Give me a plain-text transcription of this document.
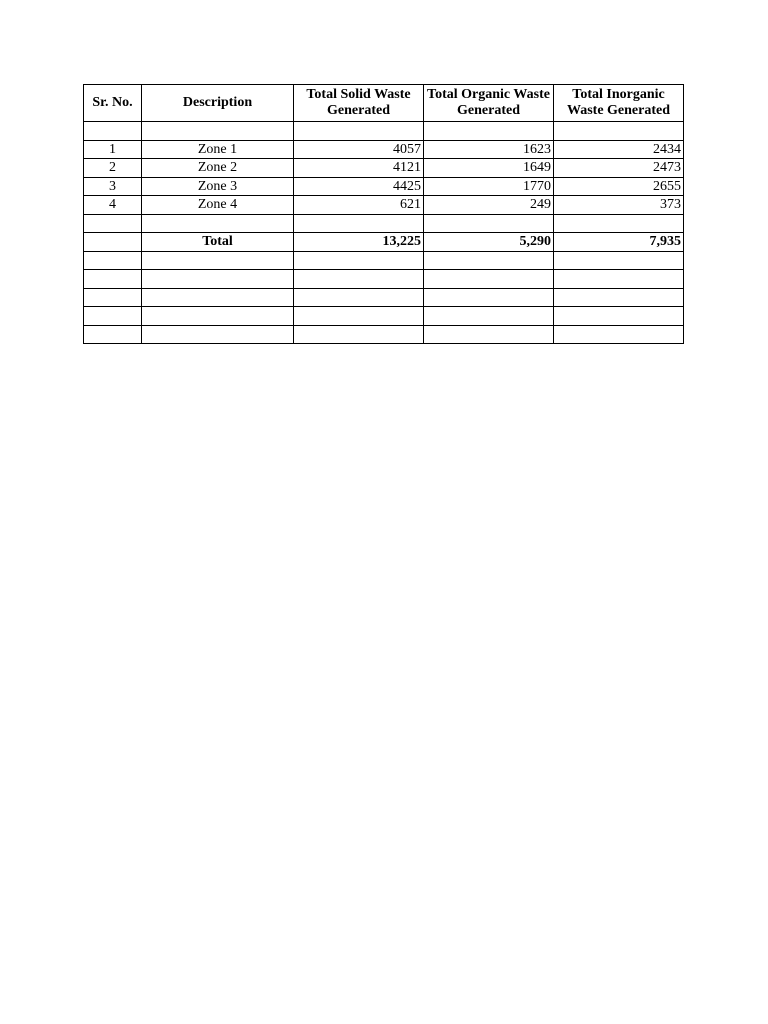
Sr. No.	Description	Total Solid Waste Generated	Total Organic Waste Generated	Total Inorganic Waste Generated

1	Zone 1	4057	1623	2434
2	Zone 2	4121	1649	2473
3	Zone 3	4425	1770	2655
4	Zone 4	621	249	373

	Total	13,225	5,290	7,935
